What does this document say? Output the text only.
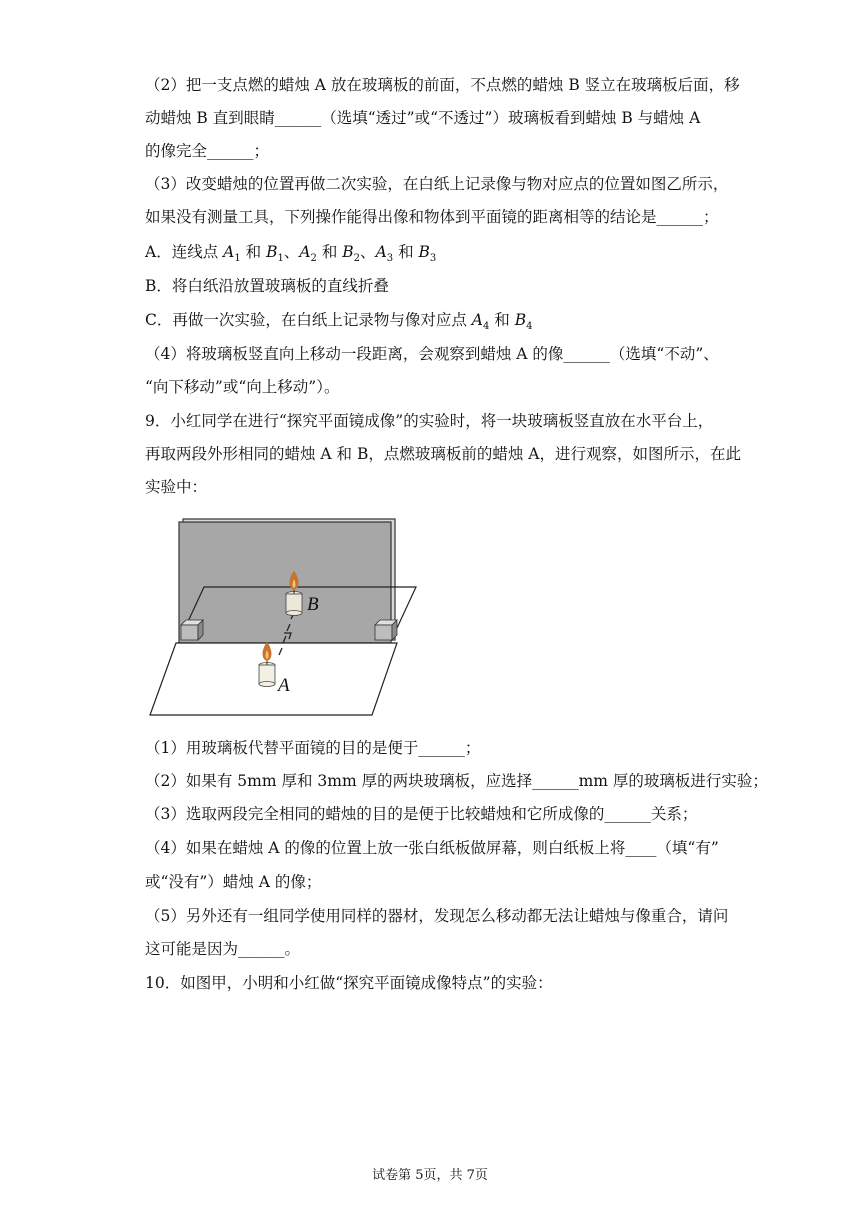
（2）把一支点燃的蜡烛 A 放在玻璃板的前面，不点燃的蜡烛 B 竖立在玻璃板后面，移
动蜡烛 B 直到眼睛______（选填“透过”或“不透过”）玻璃板看到蜡烛 B 与蜡烛 A
的像完全______；
（3）改变蜡烛的位置再做二次实验，在白纸上记录像与物对应点的位置如图乙所示，
如果没有测量工具，下列操作能得出像和物体到平面镜的距离相等的结论是______；
A．连线点 $A_1$ 和 $B_1$、$A_2$ 和 $B_2$、$A_3$ 和 $B_3$
B．将白纸沿放置玻璃板的直线折叠
C．再做一次实验，在白纸上记录物与像对应点 $A_4$ 和 $B_4$
（4）将玻璃板竖直向上移动一段距离，会观察到蜡烛 A 的像______（选填“不动”、
“向下移动”或“向上移动”）。
9．小红同学在进行“探究平面镜成像”的实验时，将一块玻璃板竖直放在水平台上，
再取两段外形相同的蜡烛 A 和 B，点燃玻璃板前的蜡烛 A，进行观察，如图所示，在此
实验中：
B
A
（1）用玻璃板代替平面镜的目的是便于______；
（2）如果有 5mm 厚和 3mm 厚的两块玻璃板，应选择______mm 厚的玻璃板进行实验；
（3）选取两段完全相同的蜡烛的目的是便于比较蜡烛和它所成像的______关系；
（4）如果在蜡烛 A 的像的位置上放一张白纸板做屏幕，则白纸板上将____（填“有”
或“没有”）蜡烛 A 的像；
（5）另外还有一组同学使用同样的器材，发现怎么移动都无法让蜡烛与像重合，请问
这可能是因为______。
10．如图甲，小明和小红做“探究平面镜成像特点”的实验：
试卷第 5页，共 7页
